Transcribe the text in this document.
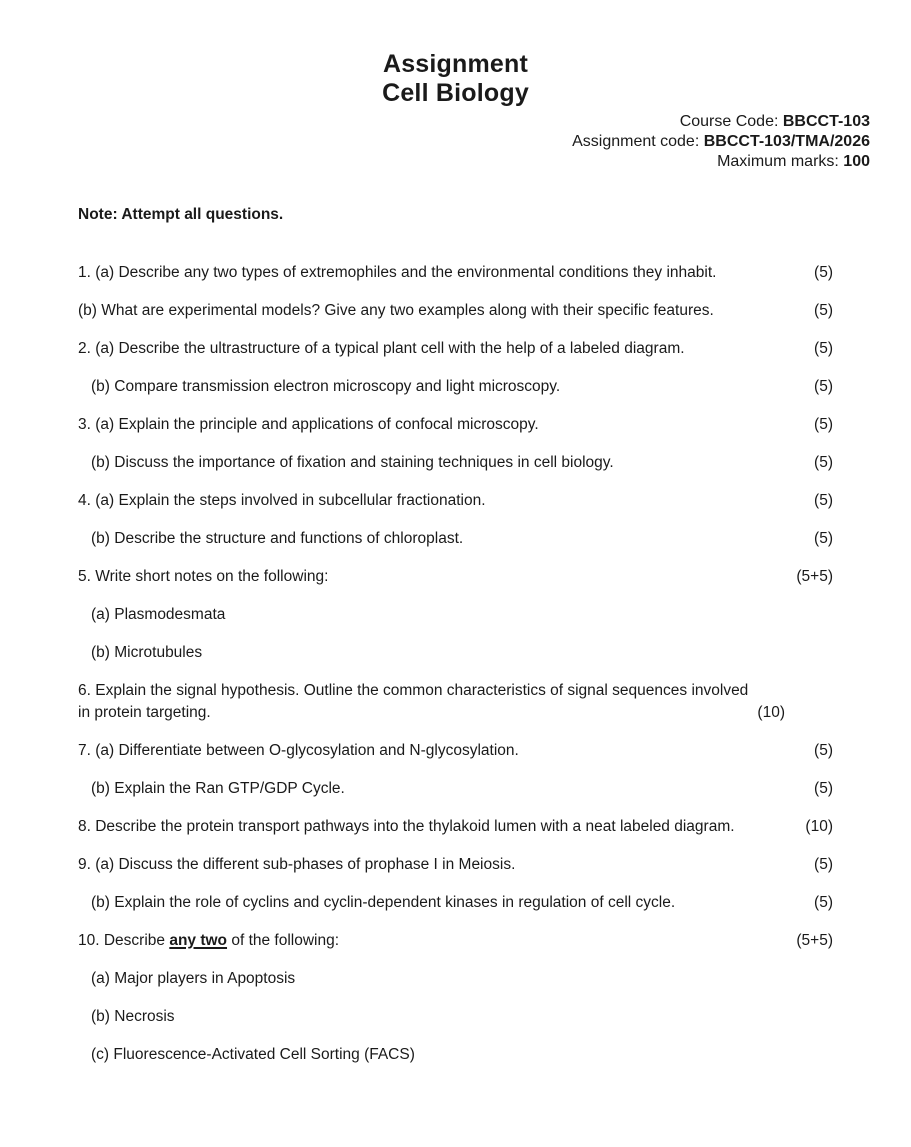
Assignment
Cell Biology
Course Code: BBCCT-103
Assignment code: BBCCT-103/TMA/2026
Maximum marks: 100
Note: Attempt all questions.
1. (a) Describe any two types of extremophiles and the environmental conditions they inhabit.	(5)
(b) What are experimental models? Give any two examples along with their specific features.	(5)
2. (a) Describe the ultrastructure of a typical plant cell with the help of a labeled diagram.	(5)
(b) Compare transmission electron microscopy and light microscopy.	(5)
3. (a) Explain the principle and applications of confocal microscopy.	(5)
(b) Discuss the importance of fixation and staining techniques in cell biology.	(5)
4. (a) Explain the steps involved in subcellular fractionation.	(5)
(b) Describe the structure and functions of chloroplast.	(5)
5. Write short notes on the following:	(5+5)
(a) Plasmodesmata
(b) Microtubules
6. Explain the signal hypothesis. Outline the common characteristics of signal sequences involved in protein targeting.	(10)
7. (a) Differentiate between O-glycosylation and N-glycosylation.	(5)
(b) Explain the Ran GTP/GDP Cycle.	(5)
8. Describe the protein transport pathways into the thylakoid lumen with a neat labeled diagram.	(10)
9. (a) Discuss the different sub-phases of prophase I in Meiosis.	(5)
(b) Explain the role of cyclins and cyclin-dependent kinases in regulation of cell cycle.	(5)
10. Describe any two of the following:	(5+5)
(a) Major players in Apoptosis
(b) Necrosis
(c) Fluorescence-Activated Cell Sorting (FACS)
